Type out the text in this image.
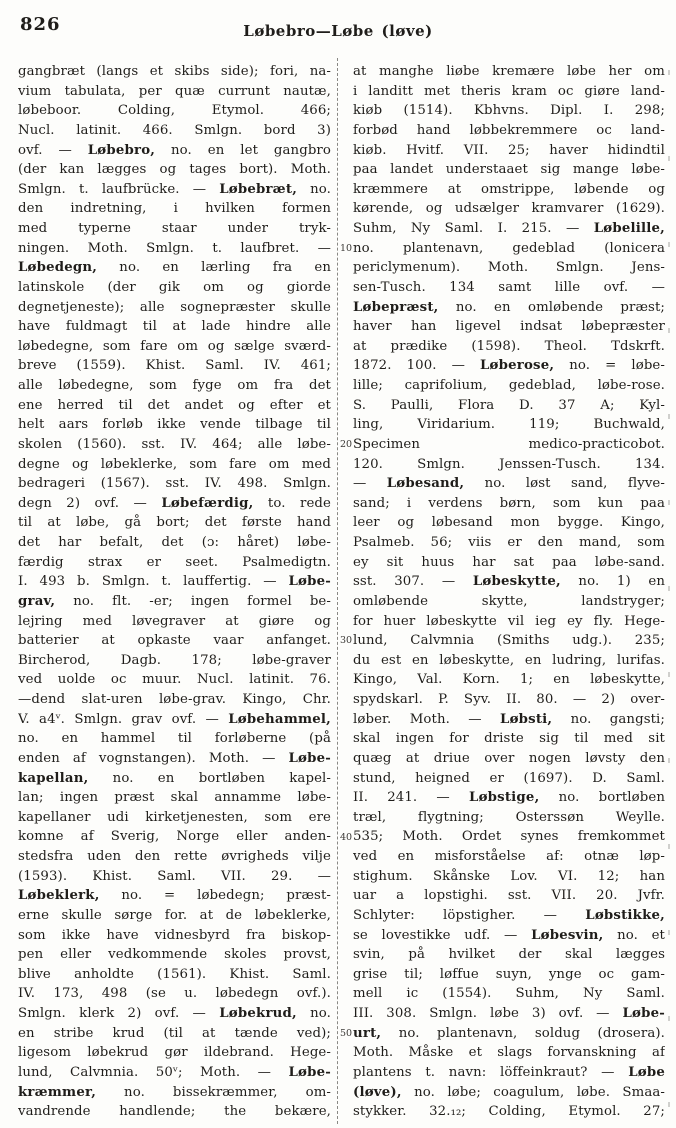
826	Løbebro—Løbe (løve)
gangbræt (langs et skibs side); fori, na-
vium tabulata, per quæ currunt nautæ,
løbeboor. Colding, Etymol. 466;
Nucl. latinit. 466. Smlgn. bord 3)
ovf. — Løbebro, no. en let gangbro
(der kan lægges og tages bort). Moth.
Smlgn. t. laufbrücke. — Løbebræt, no.
den indretning, i hvilken formen
med typerne staar under tryk-
ningen. Moth. Smlgn. t. laufbret. —
Løbedegn, no. en lærling fra en
latinskole (der gik om og giorde
degnetjeneste); alle sognepræster skulle
have fuldmagt til at lade hindre alle
løbedegne, som fare om og sælge sværd-
breve (1559). Khist. Saml. IV. 461;
alle løbedegne, som fyge om fra det
ene herred til det andet og efter et
helt aars forløb ikke vende tilbage til
skolen (1560). sst. IV. 464; alle løbe-
degne og løbeklerke, som fare om med
bedrageri (1567). sst. IV. 498. Smlgn.
degn 2) ovf. — Løbefærdig, to. rede
til at løbe, gå bort; det første hand
det har befalt, det (ɔ: håret) løbe-
færdig strax er seet. Psalmedigtn.
I. 493 b. Smlgn. t. lauffertig. — Løbe-
grav, no. flt. -er; ingen formel be-
lejring med løvegraver at giøre og
batterier at opkaste vaar anfanget.
Bircherod, Dagb. 178; løbe-graver
ved uolde oc muur. Nucl. latinit. 76.
—dend slat-uren løbe-grav. Kingo, Chr.
V. a4ᵛ. Smlgn. grav ovf. — Løbehammel,
no. en hammel til forløberne (på
enden af vognstangen). Moth. — Løbe-
kapellan, no. en bortløben kapel-
lan; ingen præst skal annamme løbe-
kapellaner udi kirketjenesten, som ere
komne af Sverig, Norge eller anden-
stedsfra uden den rette øvrigheds vilje
(1593). Khist. Saml. VII. 29. —
Løbeklerk, no. = løbedegn; præst-
erne skulle sørge for. at de løbeklerke,
som ikke have vidnesbyrd fra biskop-
pen eller vedkommende skoles provst,
blive anholdte (1561). Khist. Saml.
IV. 173, 498 (se u. løbedegn ovf.).
Smlgn. klerk 2) ovf. — Løbekrud, no.
en stribe krud (til at tænde ved);
ligesom løbekrud gør ildebrand. Hege-
lund, Calvmnia. 50ᵛ; Moth. — Løbe-
kræmmer, no. bissekræmmer, om-
vandrende handlende; the bekære,
10
20
30
40
50
at manghe liøbe kremære løbe her om
i landitt met theris kram oc giøre land-
kiøb (1514). Kbhvns. Dipl. I. 298;
forbød hand løbbekremmere oc land-
kiøb. Hvitf. VII. 25; haver hidindtil
paa landet understaaet sig mange løbe-
kræmmere at omstrippe, løbende og
kørende, og udsælger kramvarer (1629).
Suhm, Ny Saml. I. 215. — Løbelille,
no. plantenavn, gedeblad (lonicera
periclymenum). Moth. Smlgn. Jens-
sen-Tusch. 134 samt lille ovf. —
Løbepræst, no. en omløbende præst;
haver han ligevel indsat løbepræster
at prædike (1598). Theol. Tdskrft.
1872. 100. — Løberose, no. = løbe-
lille; caprifolium, gedeblad, løbe-rose.
S. Paulli, Flora D. 37 A; Kyl-
ling, Viridarium. 119; Buchwald,
Specimen medico-practicobot.
120. Smlgn. Jenssen-Tusch. 134.
— Løbesand, no. løst sand, flyve-
sand; i verdens børn, som kun paa
leer og løbesand mon bygge. Kingo,
Psalmeb. 56; viis er den mand, som
ey sit huus har sat paa løbe-sand.
sst. 307. — Løbeskytte, no. 1) en
omløbende skytte, landstryger;
for huer løbeskytte vil ieg ey fly. Hege-
lund, Calvmnia (Smiths udg.). 235;
du est en løbeskytte, en ludring, lurifas.
Kingo, Val. Korn. 1; en løbeskytte,
spydskarl. P. Syv. II. 80. — 2) over-
løber. Moth. — Løbsti, no. gangsti;
skal ingen for driste sig til med sit
quæg at driue over nogen løvsty den
stund, heigned er (1697). D. Saml.
II. 241. — Løbstige, no. bortløben
træl, flygtning; Osterssøn Weylle.
535; Moth. Ordet synes fremkommet
ved en misforståelse af: otnæ løp-
stighum. Skånske Lov. VI. 12; han
uar a lopstighi. sst. VII. 20. Jvfr.
Schlyter: löpstigher. — Løbstikke,
se lovestikke udf. — Løbesvin, no. et
svin, på hvilket der skal lægges
grise til; løffue suyn, ynge oc gam-
mell ic (1554). Suhm, Ny Saml.
III. 308. Smlgn. løbe 3) ovf. — Løbe-
urt, no. plantenavn, soldug (drosera).
Moth. Måske et slags forvanskning af
plantens t. navn: löffeinkraut? — Løbe
(løve), no. løbe; coagulum, løbe. Smaa-
stykker. 32.₁₂; Colding, Etymol. 27;
